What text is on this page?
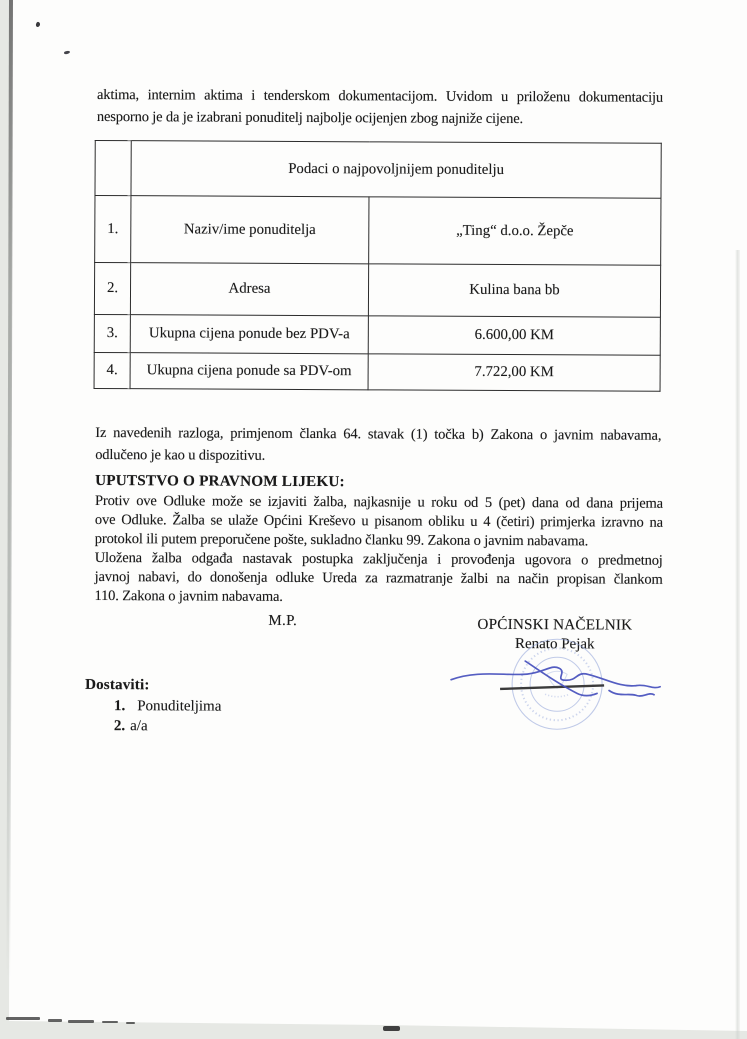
aktima, internim aktima i tenderskom dokumentacijom. Uvidom u priloženu dokumentaciju
nesporno je da je izabrani ponuditelj najbolje ocijenjen zbog najniže cijene.
	Podaci o najpovoljnijem ponuditelju	
1.	Naziv/ime ponuditelja	„Ting“ d.o.o. Žepče
2.	Adresa	Kulina bana bb
3.	Ukupna cijena ponude bez PDV-a	6.600,00 KM
4.	Ukupna cijena ponude sa PDV-om	7.722,00 KM
Iz navedenih razloga, primjenom članka 64. stavak (1) točka b) Zakona o javnim nabavama,
odlučeno je kao u dispozitivu.
UPUTSTVO O PRAVNOM LIJEKU:
Protiv ove Odluke može se izjaviti žalba, najkasnije u roku od 5 (pet) dana od dana prijema
ove Odluke. Žalba se ulaže Općini Kreševo u pisanom obliku u 4 (četiri) primjerka izravno na
protokol ili putem preporučene pošte, sukladno članku 99. Zakona o javnim nabavama.
Uložena žalba odgađa nastavak postupka zaključenja i provođenja ugovora o predmetnoj
javnoj nabavi, do donošenja odluke Ureda za razmatranje žalbi na način propisan člankom
110. Zakona o javnim nabavama.
M.P.	OPĆINSKI NAČELNIK
Renato Pejak
Dostaviti:
1. Ponuditeljima
2. a/a
